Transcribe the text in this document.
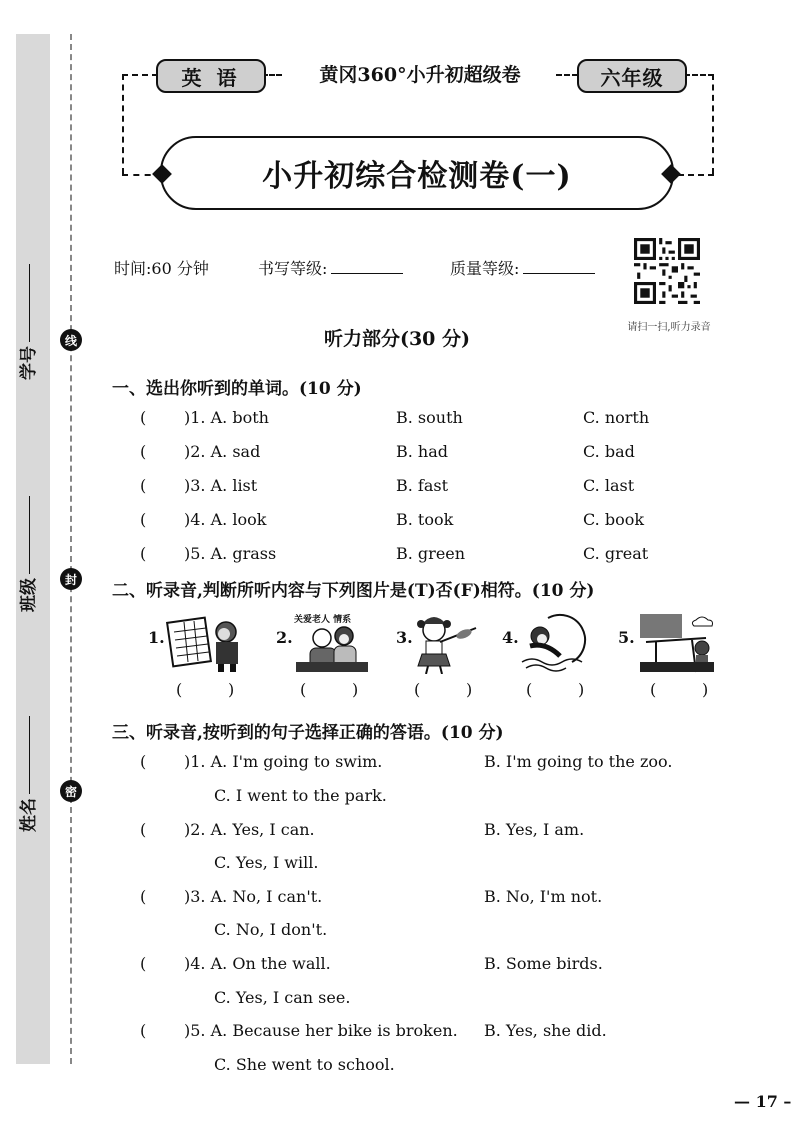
学号
班级
姓名
线
封
密
英 语	黄冈360°小升初超级卷	六年级
小升初综合检测卷(一)
时间:60 分钟	书写等级:	质量等级:
请扫一扫,听力录音
听力部分(30 分)
一、选出你听到的单词。(10 分)
( )1. A. both	B. south	C. north
( )2. A. sad	B. had	C. bad
( )3. A. list	B. fast	C. last
( )4. A. look	B. took	C. book
( )5. A. grass	B. green	C. great
二、听录音,判断所听内容与下列图片是(T)否(F)相符。(10 分)
1.	2.
关爱老人 情系
3.	4.	5.
(         )	(         )	(         )	(         )	(         )
三、听录音,按听到的句子选择正确的答语。(10 分)
( )1. A. I'm going to swim.	B. I'm going to the zoo.
C. I went to the park.
( )2. A. Yes, I can.	B. Yes, I am.
C. Yes, I will.
( )3. A. No, I can't.	B. No, I'm not.
C. No, I don't.
( )4. A. On the wall.	B. Some birds.
C. Yes, I can see.
( )5. A. Because her bike is broken. B. Yes, she did.
C. She went to school.
— 17 –
